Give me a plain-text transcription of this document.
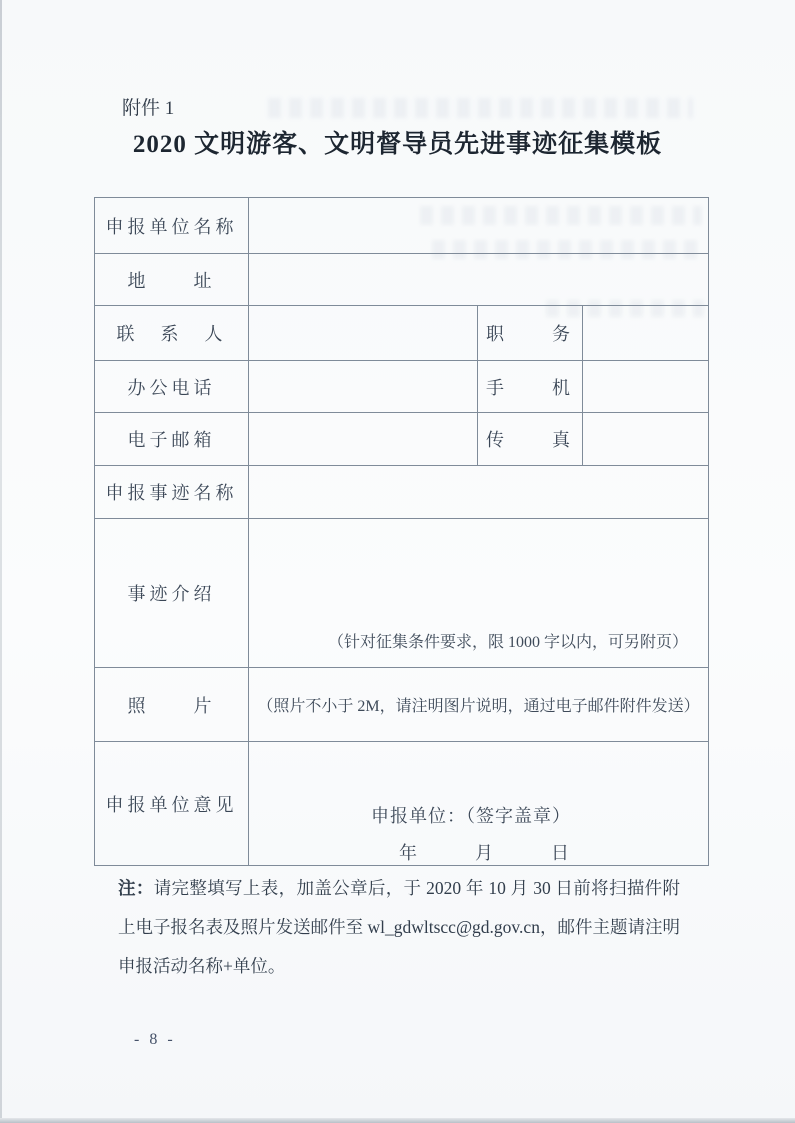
附件 1
2020 文明游客、文明督导员先进事迹征集模板
申报单位名称			
地　　址			
联　系　人		职　　务	
办公电话		手　　机	
电子邮箱		传　　真	
申报事迹名称			
事迹介绍	（针对征集条件要求，限 1000 字以内，可另附页）		

照　　片	（照片不小于 2M，请注明图片说明，通过电子邮件附件发送）		
申报单位意见	申报单位：（签字盖章）
年　　　月　　　日		
注：请完整填写上表，加盖公章后，于 2020 年 10 月 30 日前将扫描件附上电子报名表及照片发送邮件至 wl_gdwltscc@gd.gov.cn，邮件主题请注明申报活动名称+单位。
- 8 -
